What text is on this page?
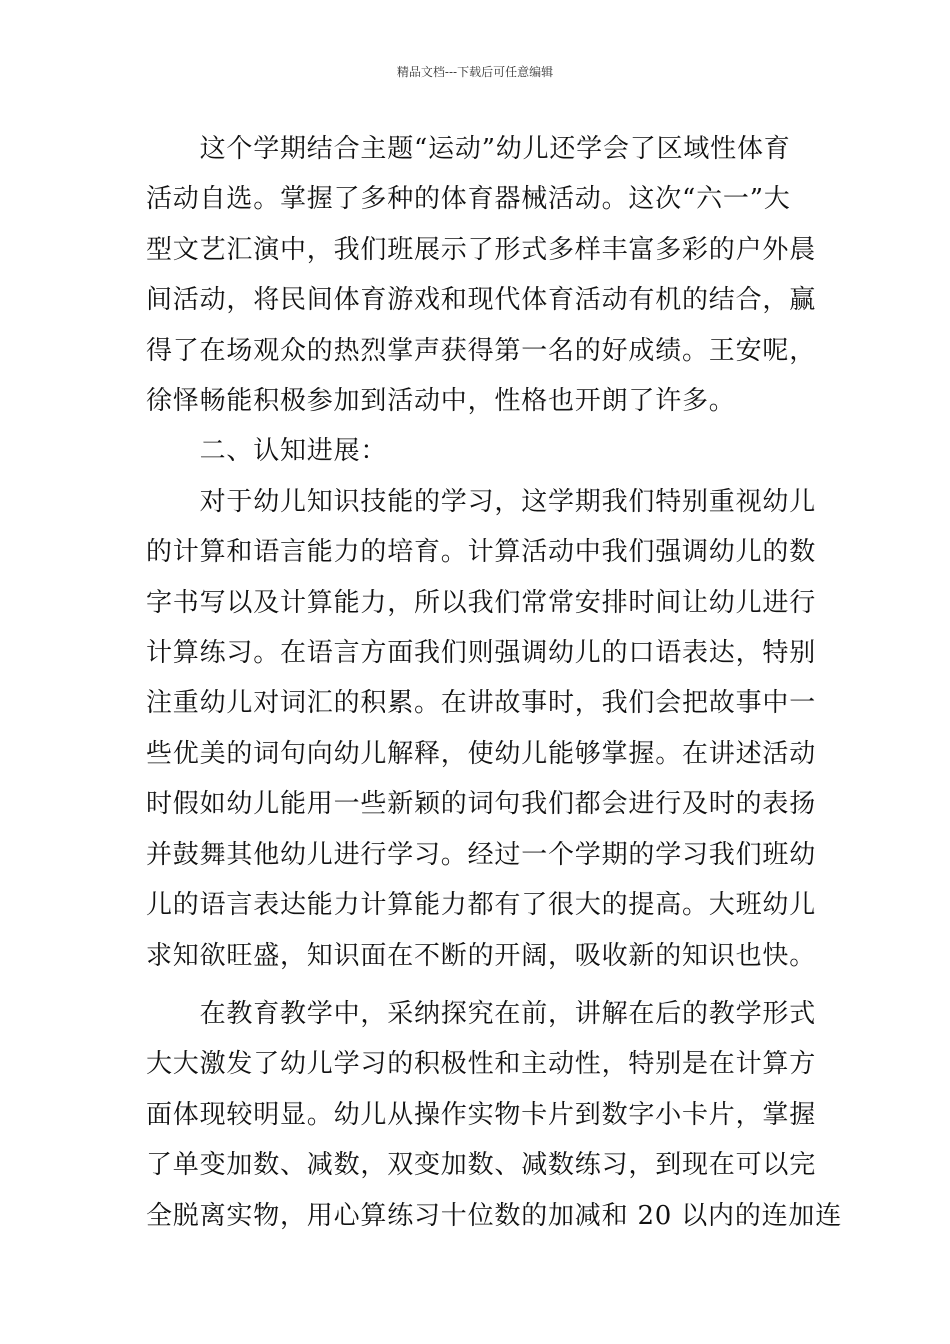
精品文档---下载后可任意编辑

　　这个学期结合主题“运动”幼儿还学会了区域性体育
活动自选。掌握了多种的体育器械活动。这次“六一”大
型文艺汇演中，我们班展示了形式多样丰富多彩的户外晨
间活动，将民间体育游戏和现代体育活动有机的结合，赢
得了在场观众的热烈掌声获得第一名的好成绩。王安呢，
徐怿畅能积极参加到活动中，性格也开朗了许多。

　　二、认知进展：

　　对于幼儿知识技能的学习，这学期我们特别重视幼儿
的计算和语言能力的培育。计算活动中我们强调幼儿的数
字书写以及计算能力，所以我们常常安排时间让幼儿进行
计算练习。在语言方面我们则强调幼儿的口语表达，特别
注重幼儿对词汇的积累。在讲故事时，我们会把故事中一
些优美的词句向幼儿解释，使幼儿能够掌握。在讲述活动
时假如幼儿能用一些新颖的词句我们都会进行及时的表扬
并鼓舞其他幼儿进行学习。经过一个学期的学习我们班幼
儿的语言表达能力计算能力都有了很大的提高。大班幼儿
求知欲旺盛，知识面在不断的开阔，吸收新的知识也快。

　　在教育教学中，采纳探究在前，讲解在后的教学形式
大大激发了幼儿学习的积极性和主动性，特别是在计算方
面体现较明显。幼儿从操作实物卡片到数字小卡片，掌握
了单变加数、减数，双变加数、减数练习，到现在可以完
全脱离实物，用心算练习十位数的加减和 20 以内的连加连
